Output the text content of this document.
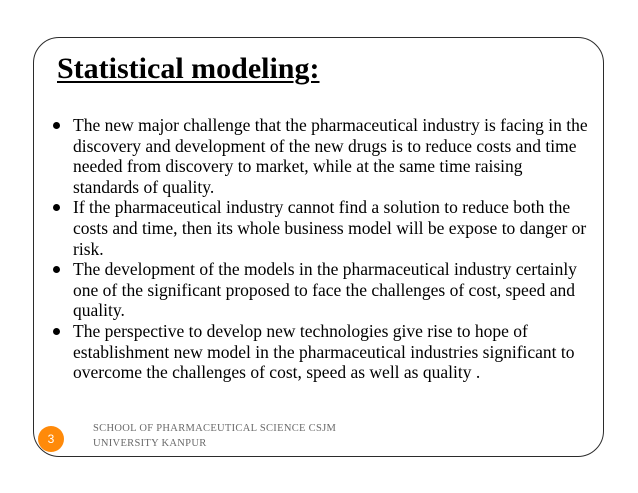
Statistical modeling:
The new major challenge that the pharmaceutical industry is facing in the discovery and development of the new drugs is to reduce costs and time needed from discovery to market, while at the same time raising standards of quality.
If the pharmaceutical industry cannot find a solution to reduce both the costs and time, then its whole business model will be expose to danger or risk.
The development of the models in the pharmaceutical industry certainly one of the significant proposed to face the challenges of cost, speed and quality.
The perspective to develop new technologies give rise to hope of establishment new model in the pharmaceutical industries significant to overcome the challenges of cost, speed as well as quality .
3
SCHOOL OF PHARMACEUTICAL SCIENCE CSJM UNIVERSITY KANPUR
